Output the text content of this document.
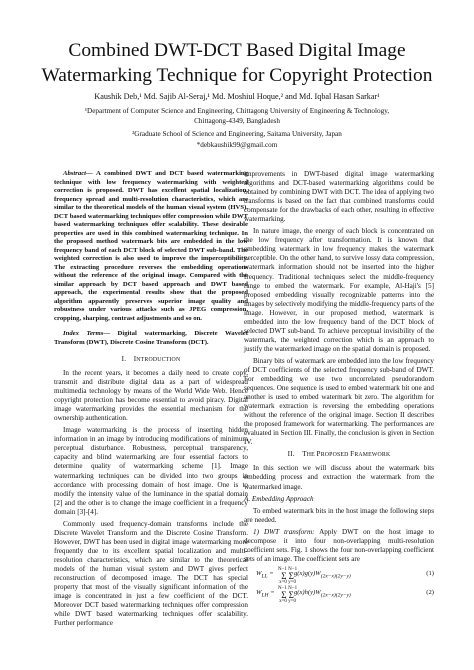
Combined DWT-DCT Based Digital Image
Watermarking Technique for Copyright Protection
Kaushik Deb,¹ Md. Sajib Al-Seraj,¹ Md. Moshiul Hoque,² and Md. Iqbal Hasan Sarkar¹
¹Department of Computer Science and Engineering, Chittagong University of Engineering & Technology,
Chittagong-4349, Bangladesh
²Graduate School of Science and Engineering, Saitama University, Japan
*debkaushik99@gmail.com
Abstract— A combined DWT and DCT based watermarking technique with low frequency watermarking with weighted correction is proposed. DWT has excellent spatial localization, frequency spread and multi-resolution characteristics, which are similar to the theoretical models of the human visual system (HVS). DCT based watermarking techniques offer compression while DWT based watermarking techniques offer scalability. These desirable properties are used in this combined watermarking technique. In the proposed method watermark bits are embedded in the low frequency band of each DCT block of selected DWT sub-band. The weighted correction is also used to improve the imperceptibility. The extracting procedure reverses the embedding operations without the reference of the original image. Compared with the similar approach by DCT based approach and DWT based approach, the experimental results show that the proposed algorithm apparently preserves superior image quality and robustness under various attacks such as JPEG compression, cropping, sharping, contrast adjustments and so on.
Index Terms— Digital watermarking, Discrete Wavelet Transform (DWT), Discrete Cosine Transform (DCT).
I.   INTRODUCTION

In the recent years, it becomes a daily need to create copy, transmit and distribute digital data as a part of widespread multimedia technology by means of the World Wide Web. Hence copyright protection has become essential to avoid piracy. Digital image watermarking provides the essential mechanism for the ownership authentication.

Image watermarking is the process of inserting hidden information in an image by introducing modifications of minimum perceptual disturbance. Robustness, perceptual transparency, capacity and blind watermarking are four essential factors to determine quality of watermarking scheme [1]. Image watermarking techniques can be divided into two groups in accordance with processing domain of host image. One is to modify the intensity value of the luminance in the spatial domain [2] and the other is to change the image coefficient in a frequency domain [3]-[4].

Commonly used frequency-domain transforms include the Discrete Wavelet Transform and the Discrete Cosine Transform. However, DWT has been used in digital image watermarking more frequently due to its excellent spatial localization and multi-resolution characteristics, which are similar to the theoretical models of the human visual system and DWT gives perfect reconstruction of decomposed image. The DCT has special property that most of the visually significant information of the image is concentrated in just a few coefficient of the DCT. Moreover DCT based watermarking techniques offer compression while DWT based watermarking techniques offer scalability. Further performance

improvements in DWT-based digital image watermarking algorithms and DCT-based watermarking algorithms could be obtained by combining DWT with DCT. The idea of applying two transforms is based on the fact that combined transforms could compensate for the drawbacks of each other, resulting in effective watermarking.

In nature image, the energy of each block is concentrated on the low frequency after transformation. It is known that embedding watermark in low frequency makes the watermark perceptible. On the other hand, to survive lossy data compression, watermark information should not be inserted into the higher frequency. Traditional techniques select the middle-frequency range to embed the watermark. For example, Al-Haji's [5] proposed embedding visually recognizable patterns into the images by selectively modifying the middle-frequency parts of the image. However, in our proposed method, watermark is embedded into the low frequency band of the DCT block of selected DWT sub-band. To achieve perceptual invisibility of the watermark, the weighted correction which is an approach to justify the watermarked image on the spatial domain is proposed.

Binary bits of watermark are embedded into the low frequency of DCT coefficients of the selected frequency sub-band of DWT. For embedding we use two uncorrelated pseudorandom sequences. One sequence is used to embed watermark bit one and another is used to embed watermark bit zero. The algorithm for watermark extraction is reversing the embedding operations without the reference of the original image. Section II describes the proposed framework for watermarking. The performances are evaluated in Section III. Finally, the conclusion is given in Section IV.

II.   THE PROPOSED FRAMEWORK

In this section we will discuss about the watermark bits embedding process and extraction the watermark from the watermarked image.

A. Embedding Approach

To embed watermark bits in the host image the following steps are needed.

1) DWT transform: Apply DWT on the host image to decompose it into four non-overlapping multi-resolution coefficient sets. Fig. 1 shows the four non-overlapping coefficient sets of an image. The coefficient sets are

$W_{LL}$ =
N−1 N−1
Σ Σ
x=0 y=0
$g(x)g(y)W_{(2x-x)(2y-y)}$	(1)
$W_{LH}$ =
N−1 N−1
Σ Σ
x=0 y=0
$g(x)h(y)W_{(2x-x)(2y-y)}$	(2)
